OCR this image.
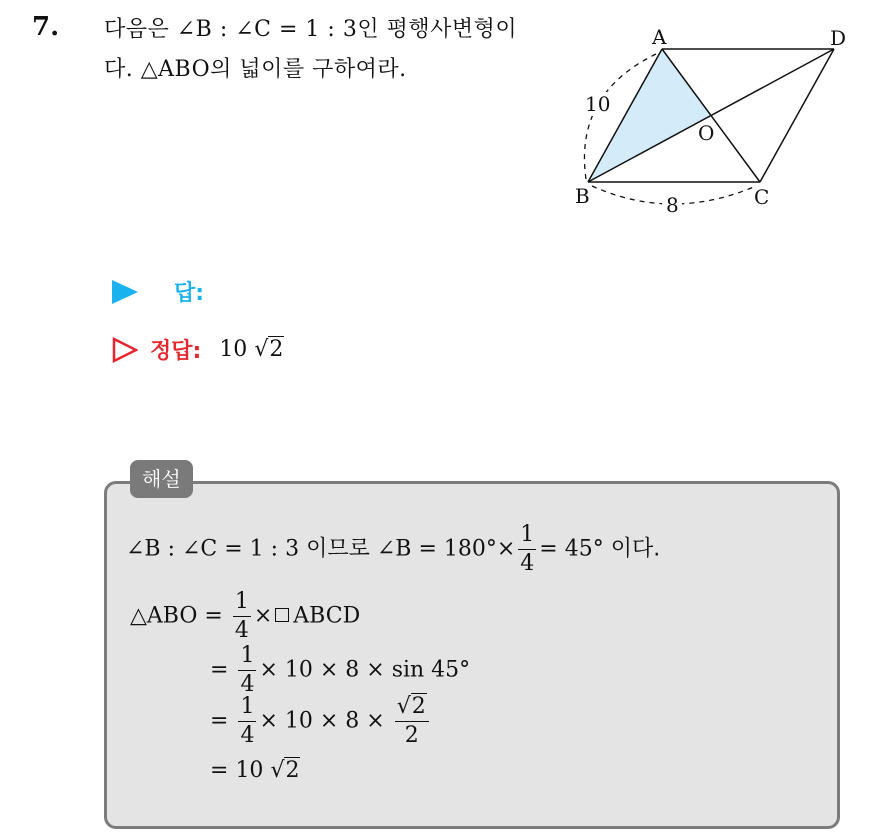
7. 다음은 ∠B : ∠C = 1 : 3인 평행사변형이
다. △ABO의 넓이를 구하여라.
A	D
B	C
O
10
8
답:
정답: 10 √2
해설
∠B : ∠C = 1 : 3 이므로 ∠B = $180^\circ\times \frac{1}{4} = 45^\circ$ 이다.
△ABO = $\frac{1}{4}$ × ABCD
= $\frac{1}{4} \times 10 \times 8 \times \sin 45^\circ$
= $\frac{1}{4} \times 10 \times 8 \times \frac{√2}{2}$
= 10 √2
